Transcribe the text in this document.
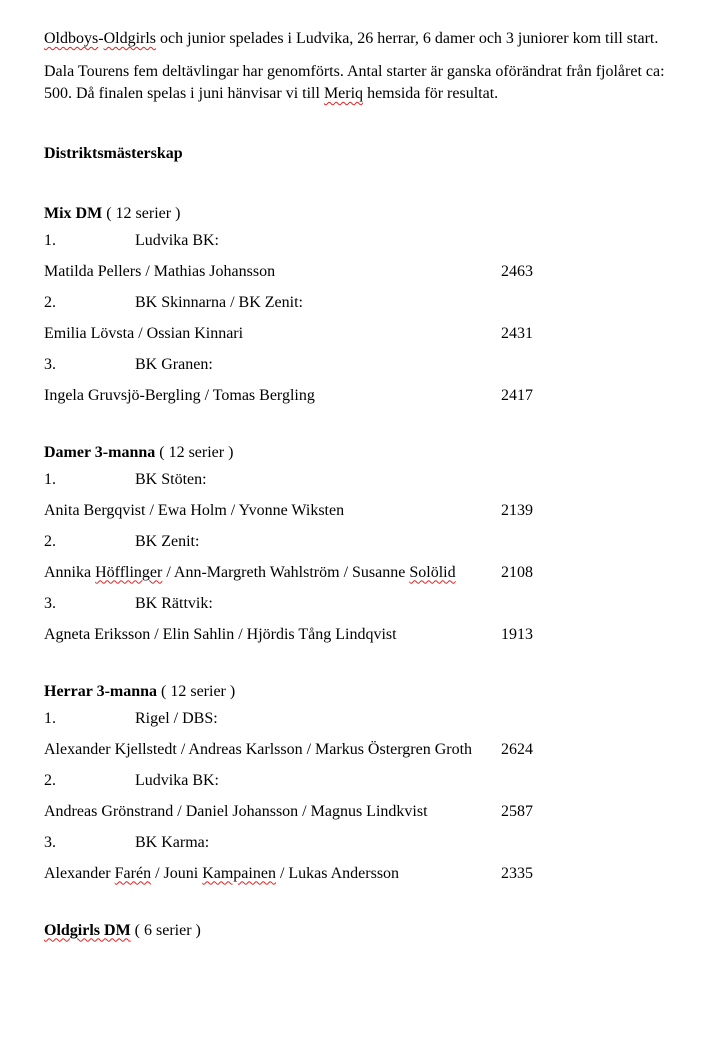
Oldboys-Oldgirls och junior spelades i Ludvika, 26 herrar, 6 damer och 3 juniorer kom till start.

Dala Tourens fem deltävlingar har genomförts. Antal starter är ganska oförändrat från fjolåret ca: 500. Då finalen spelas i juni hänvisar vi till Meriq hemsida för resultat.

Distriktsmästerskap

Mix DM ( 12 serier )

1.	Ludvika BK:
Matilda Pellers / Mathias Johansson	2463
2.	BK Skinnarna / BK Zenit:
Emilia Lövsta / Ossian Kinnari	2431
3.	BK Granen:
Ingela Gruvsjö-Bergling / Tomas Bergling	2417

Damer 3-manna ( 12 serier )

1.	BK Stöten:
Anita Bergqvist / Ewa Holm / Yvonne Wiksten	2139
2.	BK Zenit:
Annika Höfflinger / Ann-Margreth Wahlström / Susanne Solölid	2108
3.	BK Rättvik:
Agneta Eriksson / Elin Sahlin / Hjördis Tång Lindqvist	1913

Herrar 3-manna ( 12 serier )

1.	Rigel / DBS:
Alexander Kjellstedt / Andreas Karlsson / Markus Östergren Groth 2624
2.	Ludvika BK:
Andreas Grönstrand / Daniel Johansson / Magnus Lindkvist	2587
3.	BK Karma:
Alexander Farén / Jouni Kampainen / Lukas Andersson	2335

Oldgirls DM ( 6 serier )
